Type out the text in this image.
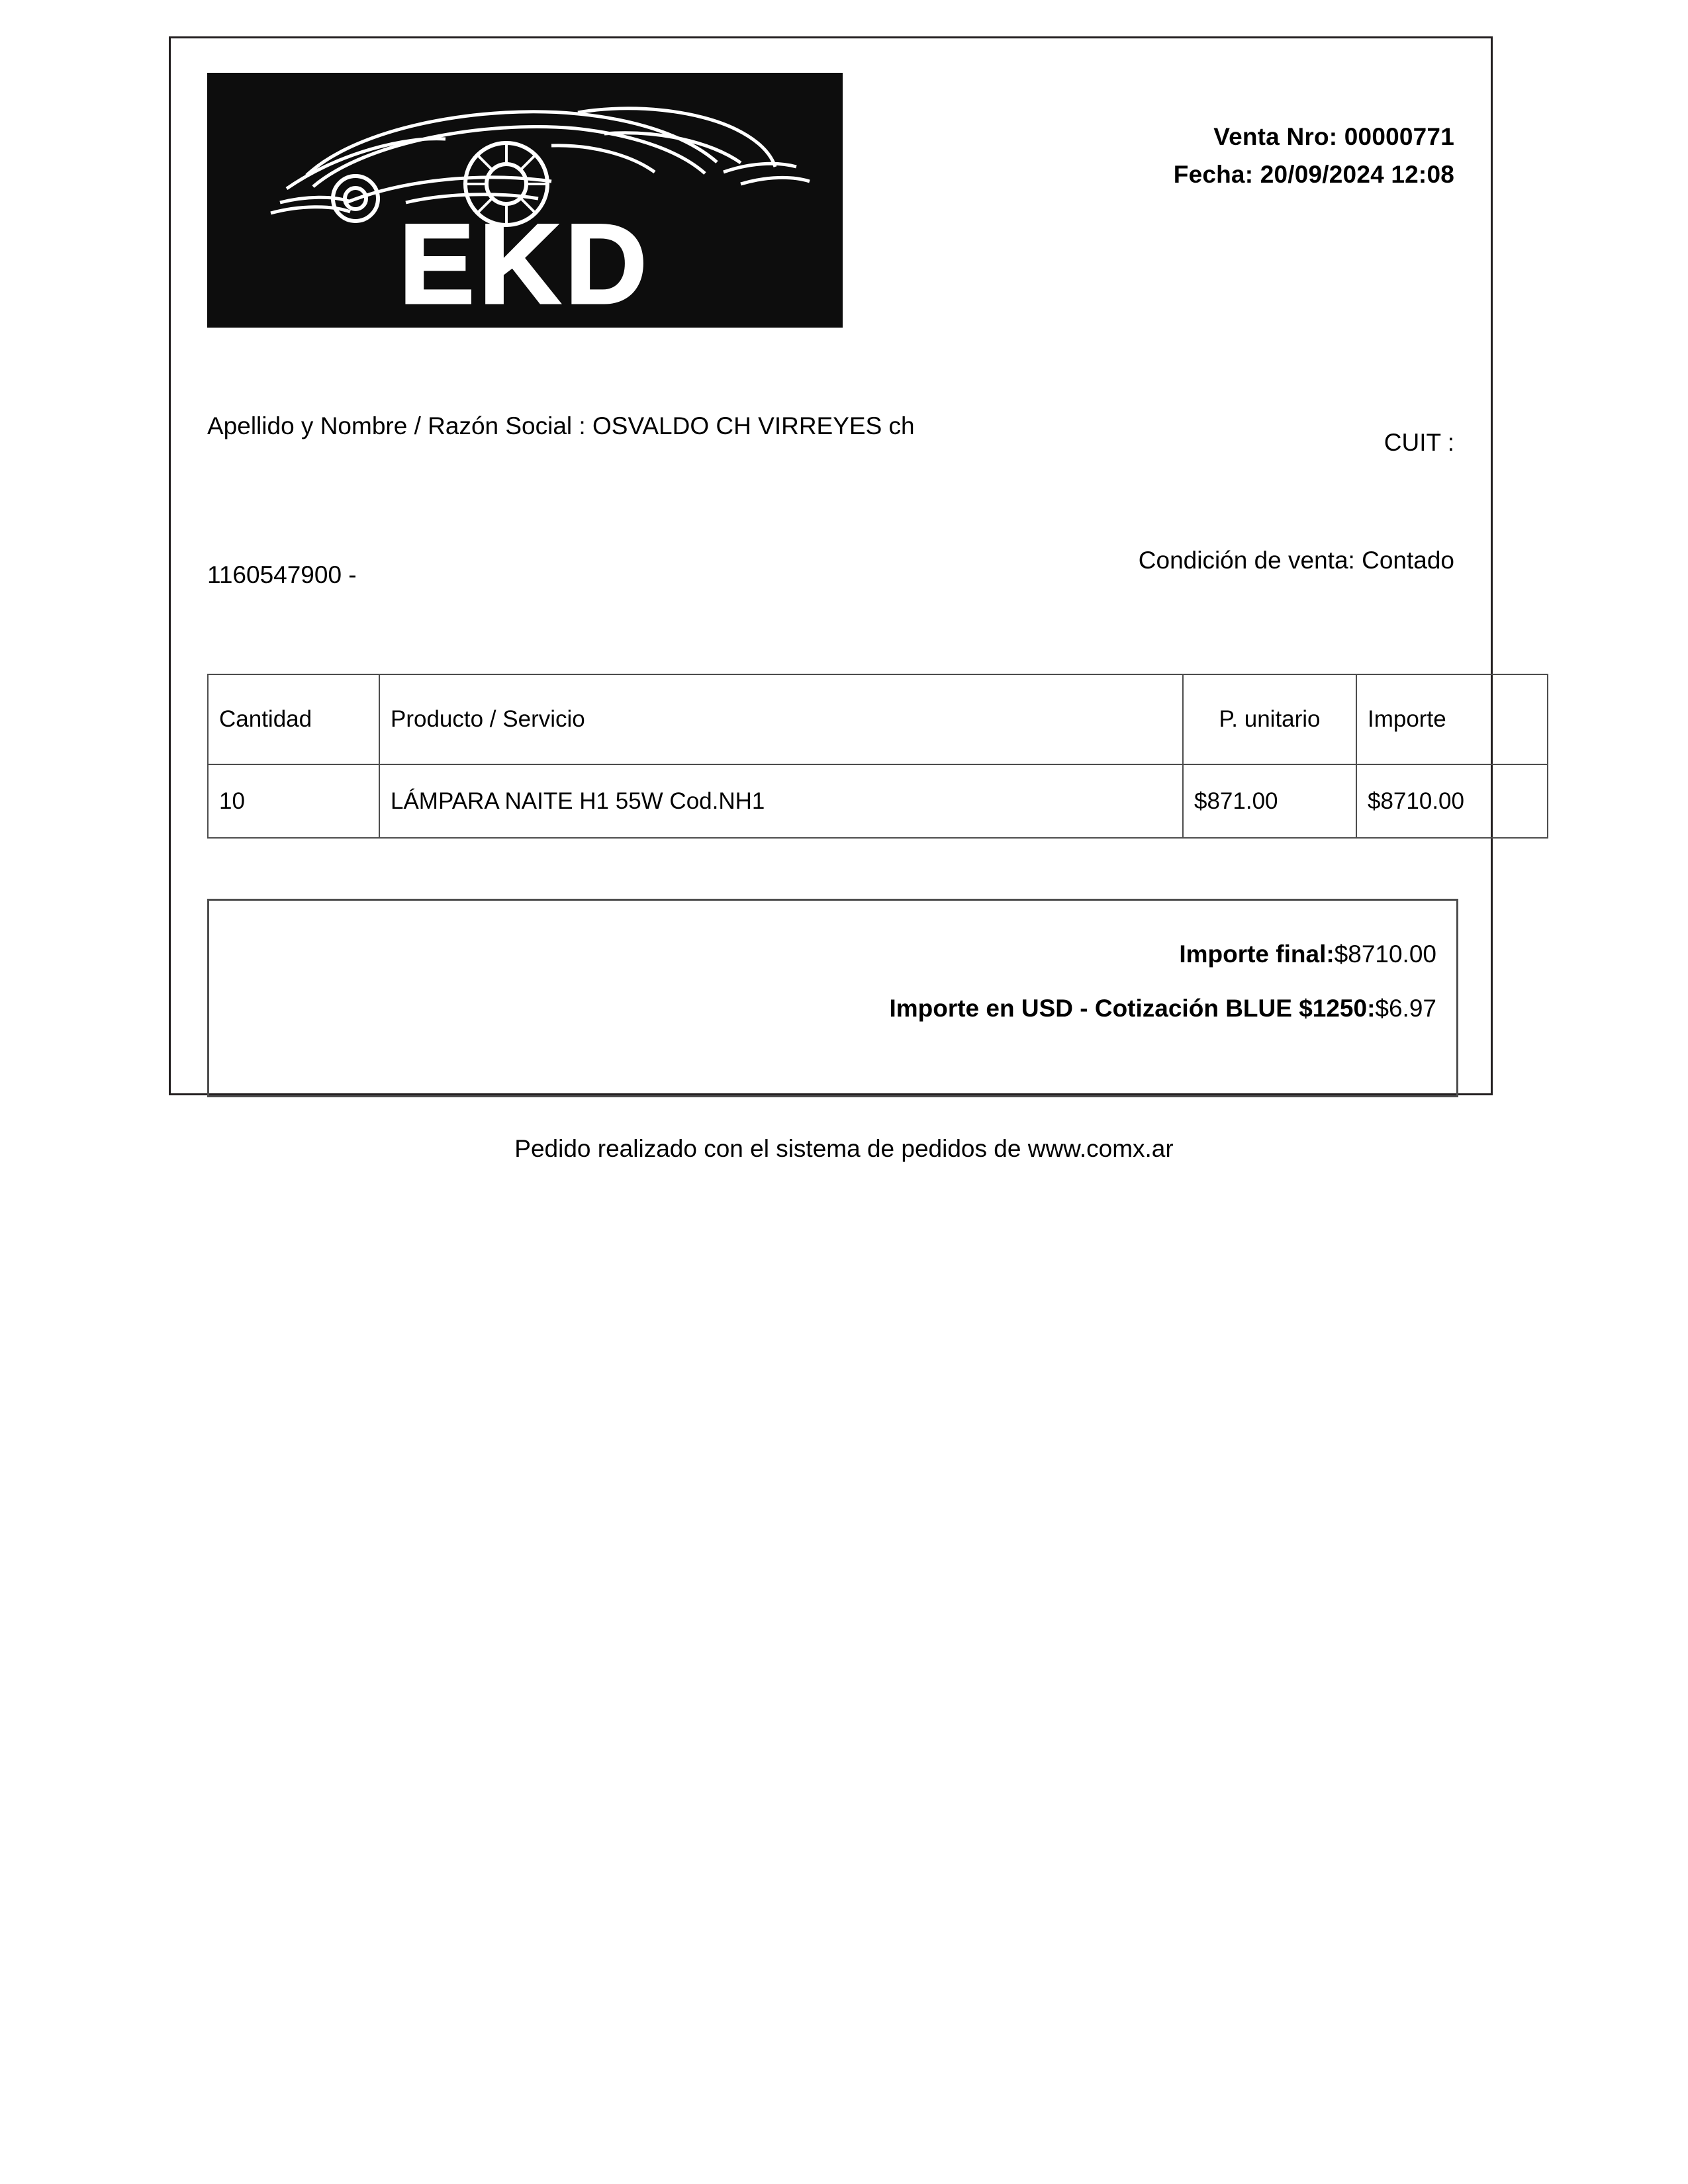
EKD
Venta Nro: 00000771
Fecha: 20/09/2024 12:08
Apellido y Nombre / Razón Social : OSVALDO CH VIRREYES ch
CUIT :
1160547900 -
Condición de venta: Contado
Cantidad	Producto / Servicio	P. unitario	Importe
10	LÁMPARA NAITE H1 55W Cod.NH1	$871.00	$8710.00
Importe final:$8710.00
Importe en USD - Cotización BLUE $1250:$6.97
Pedido realizado con el sistema de pedidos de www.comx.ar
